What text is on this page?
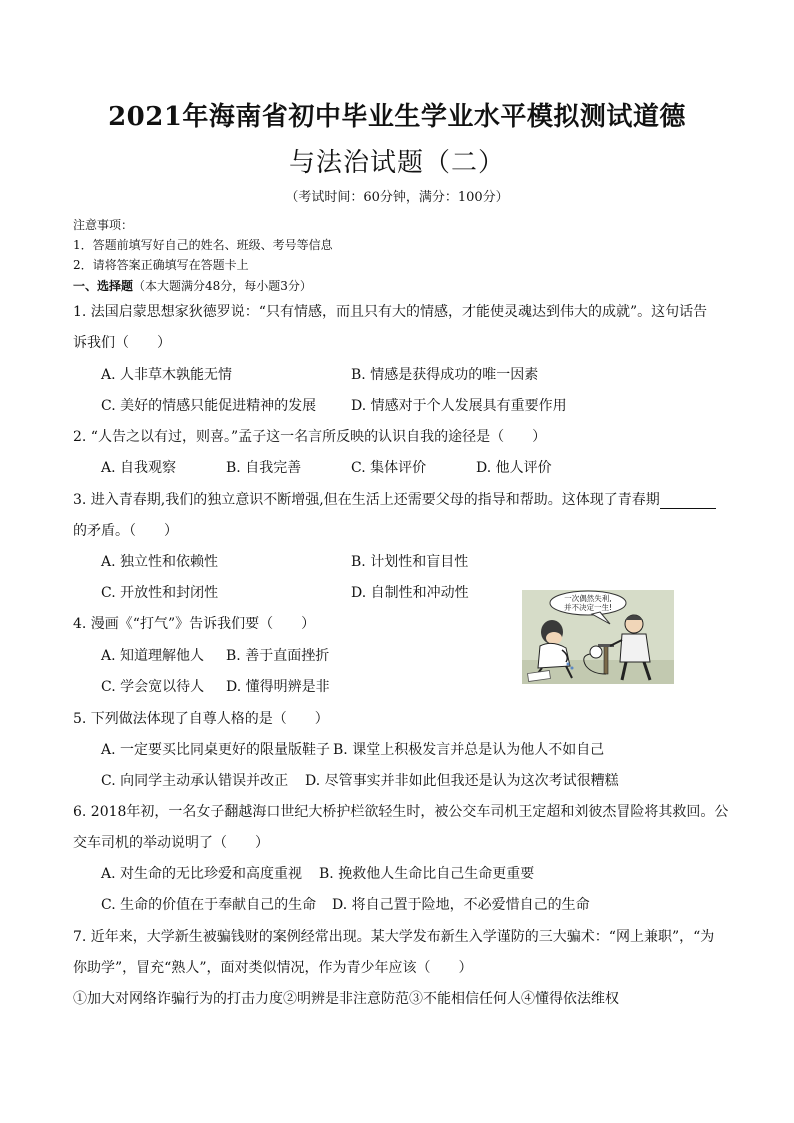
2021年海南省初中毕业生学业水平模拟测试道德
与法治试题（二）
（考试时间：60分钟，满分：100分）
注意事项：
1．答题前填写好自己的姓名、班级、考号等信息
2．请将答案正确填写在答题卡上
一、选择题（本大题满分48分，每小题3分）
1. 法国启蒙思想家狄德罗说：“只有情感，而且只有大的情感，才能使灵魂达到伟大的成就”。这句话告
诉我们（　　）
A. 人非草木孰能无情	B. 情感是获得成功的唯一因素
C. 美好的情感只能促进精神的发展 D. 情感对于个人发展具有重要作用
2. “人告之以有过，则喜。”孟子这一名言所反映的认识自我的途径是（　　）
A. 自我观察	B. 自我完善	C. 集体评价	D. 他人评价
3. 进入青春期,我们的独立意识不断增强,但在生活上还需要父母的指导和帮助。这体现了青春期
的矛盾。（　　）
A. 独立性和依赖性	B. 计划性和盲目性
C. 开放性和封闭性	D. 自制性和冲动性
4. 漫画《“打气”》告诉我们要（　　）
A. 知道理解他人 B. 善于直面挫折
C. 学会宽以待人 D. 懂得明辨是非
一次偶然失利,
并不决定一生!
5. 下列做法体现了自尊人格的是（　　）
A. 一定要买比同桌更好的限量版鞋子 B. 课堂上积极发言并总是认为他人不如自己
C. 向同学主动承认错误并改正 D. 尽管事实并非如此但我还是认为这次考试很糟糕
6. 2018年初，一名女子翻越海口世纪大桥护栏欲轻生时，被公交车司机王定超和刘彼杰冒险将其救回。公
交车司机的举动说明了（　　）
A. 对生命的无比珍爱和高度重视 B. 挽救他人生命比自己生命更重要
C. 生命的价值在于奉献自己的生命 D. 将自己置于险地，不必爱惜自己的生命
7. 近年来，大学新生被骗钱财的案例经常出现。某大学发布新生入学谨防的三大骗术：“网上兼职”，“为
你助学”，冒充“熟人”，面对类似情况，作为青少年应该（　　）
①加大对网络诈骗行为的打击力度②明辨是非注意防范③不能相信任何人④懂得依法维权
